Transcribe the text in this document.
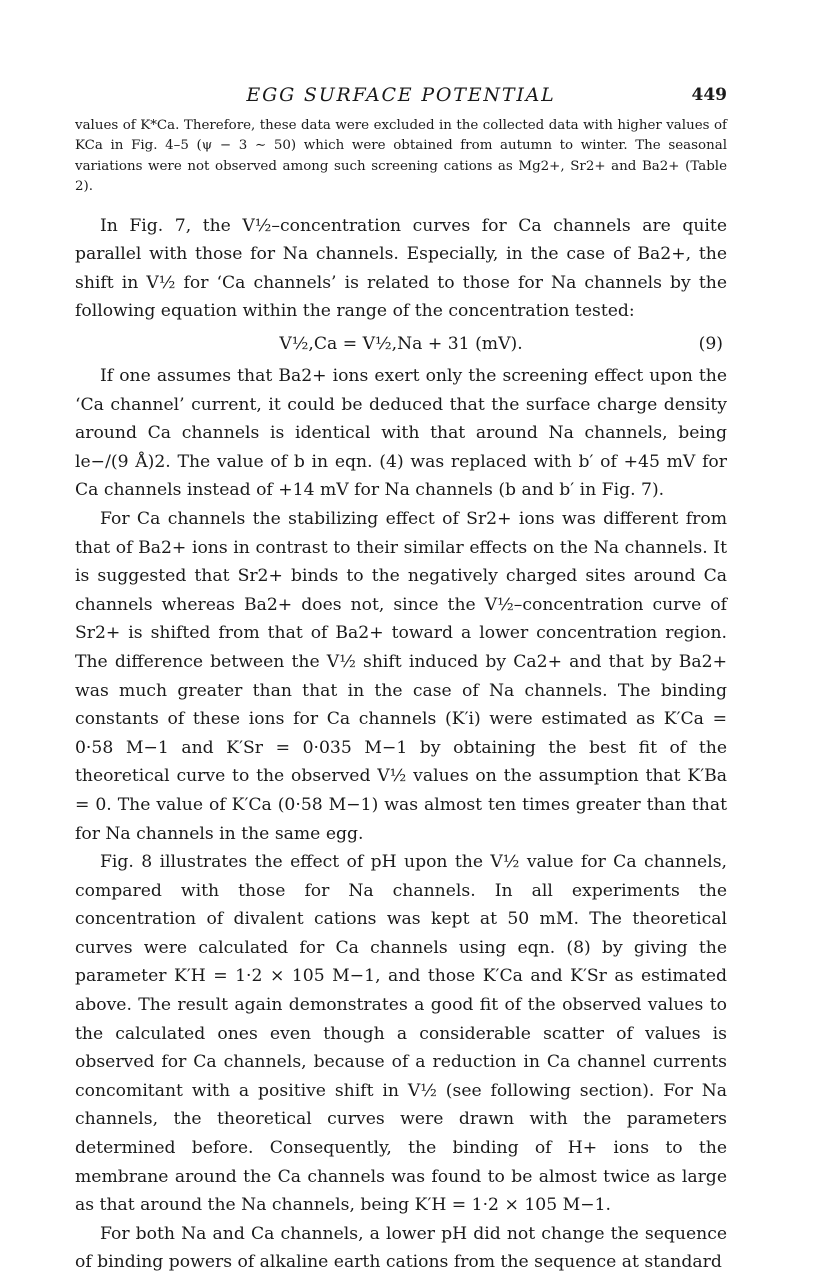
EGG SURFACE POTENTIAL	449

values of K*Ca. Therefore, these data were excluded in the collected data with higher values of KCa in Fig. 4–5 (ψ − 3 ∼ 50) which were obtained from autumn to winter. The seasonal variations were not observed among such screening cations as Mg2+, Sr2+ and Ba2+ (Table 2).

In Fig. 7, the V½–concentration curves for Ca channels are quite parallel with those for Na channels. Especially, in the case of Ba2+, the shift in V½ for ‘Ca channels’ is related to those for Na channels by the following equation within the range of the concentration tested:

V½,Ca = V½,Na + 31 (mV).	(9)

If one assumes that Ba2+ ions exert only the screening effect upon the ‘Ca channel’ current, it could be deduced that the surface charge density around Ca channels is identical with that around Na channels, being le−/(9 Å)2. The value of b in eqn. (4) was replaced with b′ of +45 mV for Ca channels instead of +14 mV for Na channels (b and b′ in Fig. 7).

For Ca channels the stabilizing effect of Sr2+ ions was different from that of Ba2+ ions in contrast to their similar effects on the Na channels. It is suggested that Sr2+ binds to the negatively charged sites around Ca channels whereas Ba2+ does not, since the V½–concentration curve of Sr2+ is shifted from that of Ba2+ toward a lower concentration region. The difference between the V½ shift induced by Ca2+ and that by Ba2+ was much greater than that in the case of Na channels. The binding constants of these ions for Ca channels (K′i) were estimated as K′Ca = 0·58 M−1 and K′Sr = 0·035 M−1 by obtaining the best fit of the theoretical curve to the observed V½ values on the assumption that K′Ba = 0. The value of K′Ca (0·58 M−1) was almost ten times greater than that for Na channels in the same egg.

Fig. 8 illustrates the effect of pH upon the V½ value for Ca channels, compared with those for Na channels. In all experiments the concentration of divalent cations was kept at 50 mM. The theoretical curves were calculated for Ca channels using eqn. (8) by giving the parameter K′H = 1·2 × 105 M−1, and those K′Ca and K′Sr as estimated above. The result again demonstrates a good fit of the observed values to the calculated ones even though a considerable scatter of values is observed for Ca channels, because of a reduction in Ca channel currents concomitant with a positive shift in V½ (see following section). For Na channels, the theoretical curves were drawn with the parameters determined before. Consequently, the binding of H+ ions to the membrane around the Ca channels was found to be almost twice as large as that around the Na channels, being K′H = 1·2 × 105 M−1.

For both Na and Ca channels, a lower pH did not change the sequence of binding powers of alkaline earth cations from the sequence at standard
